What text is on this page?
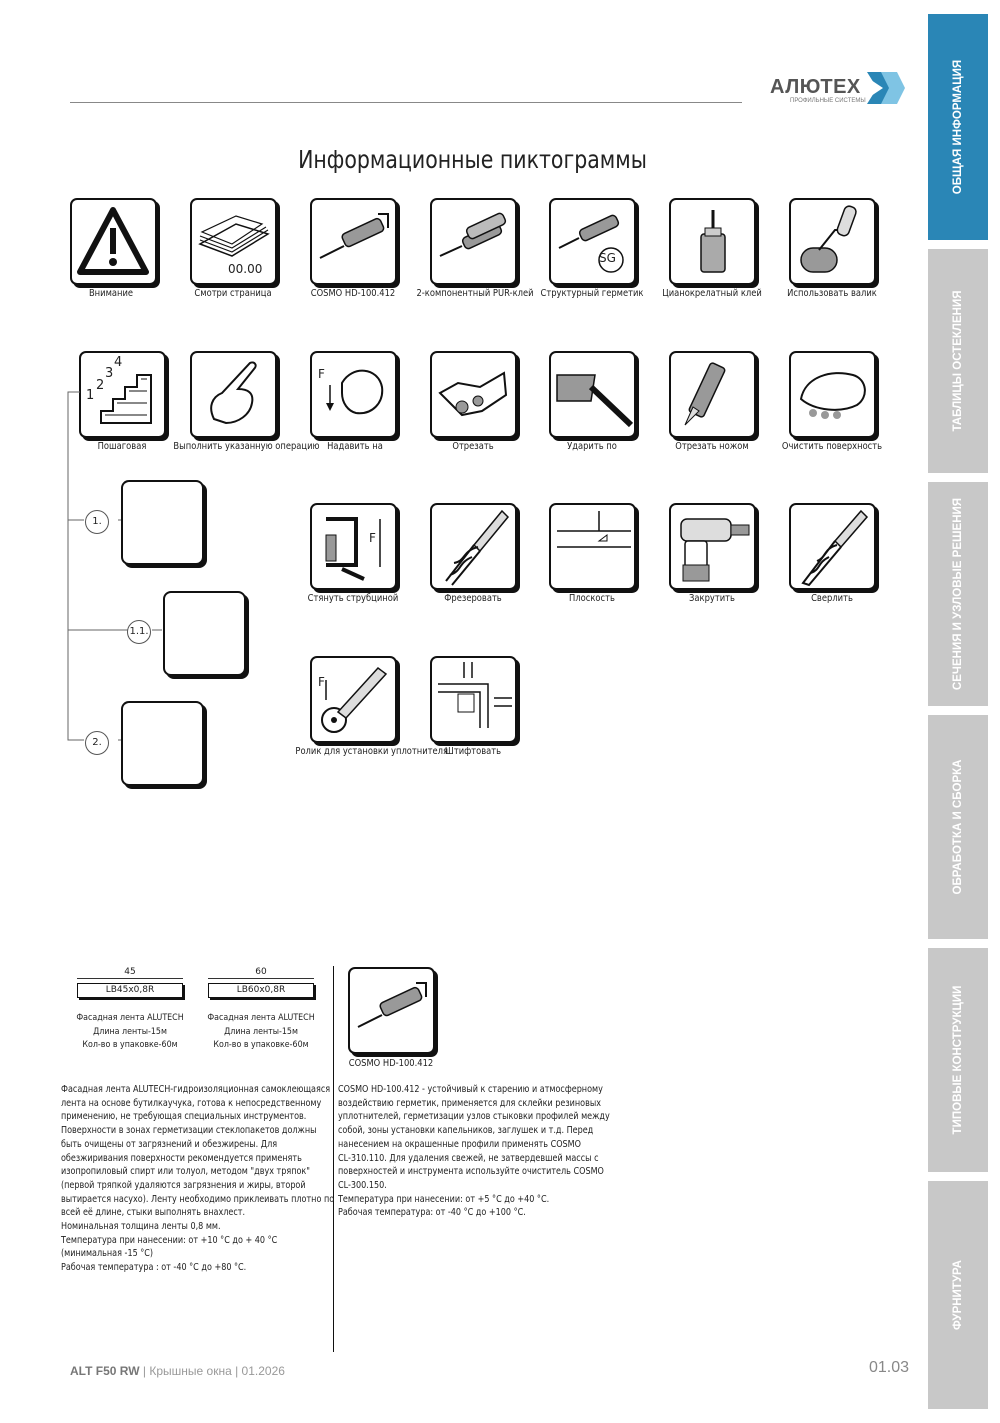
АЛЮТЕХ
ПРОФИЛЬНЫЕ СИСТЕМЫ
Информационные пиктограммы	ОБЩАЯ ИНФОРМАЦИЯ
ТАБЛИЦЫ ОСТЕКЛЕНИЯ
СЕЧЕНИЯ И УЗЛОВЫЕ РЕШЕНИЯ
ОБРАБОТКА И СБОРКА
ТИПОВЫЕ КОНСТРУКЦИИ
ФУРНИТУРА
Внимание
00.00
Смотри страница	COSMO HD-100.412	2-компонентный PUR-клей
SG
Структурный герметик	Цианокрелатный клей	Использовать валик
1
2
3
4
Пошаговая	Выполнить указанную операцию
F
Надавить на	Отрезать	Ударить по	Отрезать ножом	Очистить поверхность
1.
1.1.
2.
F
Стянуть струбциной	Фрезеровать	Плоскость	Закрутить	Сверлить
F
Ролик для установки уплотнителя
Штифтовать
45
LB45x0,8R
Фасадная лента ALUTECH
Длина ленты-15м
Кол-во в упаковке-60м
60
LB60x0,8R
Фасадная лента ALUTECH
Длина ленты-15м
Кол-во в упаковке-60м
COSMO HD-100.412
Фасадная лента ALUTECH-гидроизоляционная самоклеющаяся
лента на основе бутилкаучука, готова к непосредственному
применению, не требующая специальных инструментов.
Поверхности в зонах герметизации стеклопакетов должны
быть очищены от загрязнений и обезжирены. Для
обезжиривания поверхности рекомендуется применять
изопропиловый спирт или толуол, методом "двух тряпок"
(первой тряпкой удаляются загрязнения и жиры, второй
вытирается насухо). Ленту необходимо приклеивать плотно по
всей её длине, стыки выполнять внахлест.
Номинальная толщина ленты 0,8 мм.
Температура при нанесении: от +10 °С до + 40 °С
(минимальная -15 °С)
Рабочая температура : от -40 °С до +80 °С.
COSMO HD-100.412 - устойчивый к старению и атмосферному
воздействию герметик, применяется для склейки резиновых
уплотнителей, герметизации узлов стыковки профилей между
собой, зоны установки капельников, заглушек и т.д. Перед
нанесением на окрашенные профили применять COSMO
CL-310.110. Для удаления свежей, не затвердевшей массы с
поверхностей и инструмента используйте очиститель COSMO
CL-300.150.
Температура при нанесении: от +5 °С до +40 °С.
Рабочая температура: от -40 °С до +100 °С.
ALT F50 RW | Крышные окна | 01.2026	01.03
